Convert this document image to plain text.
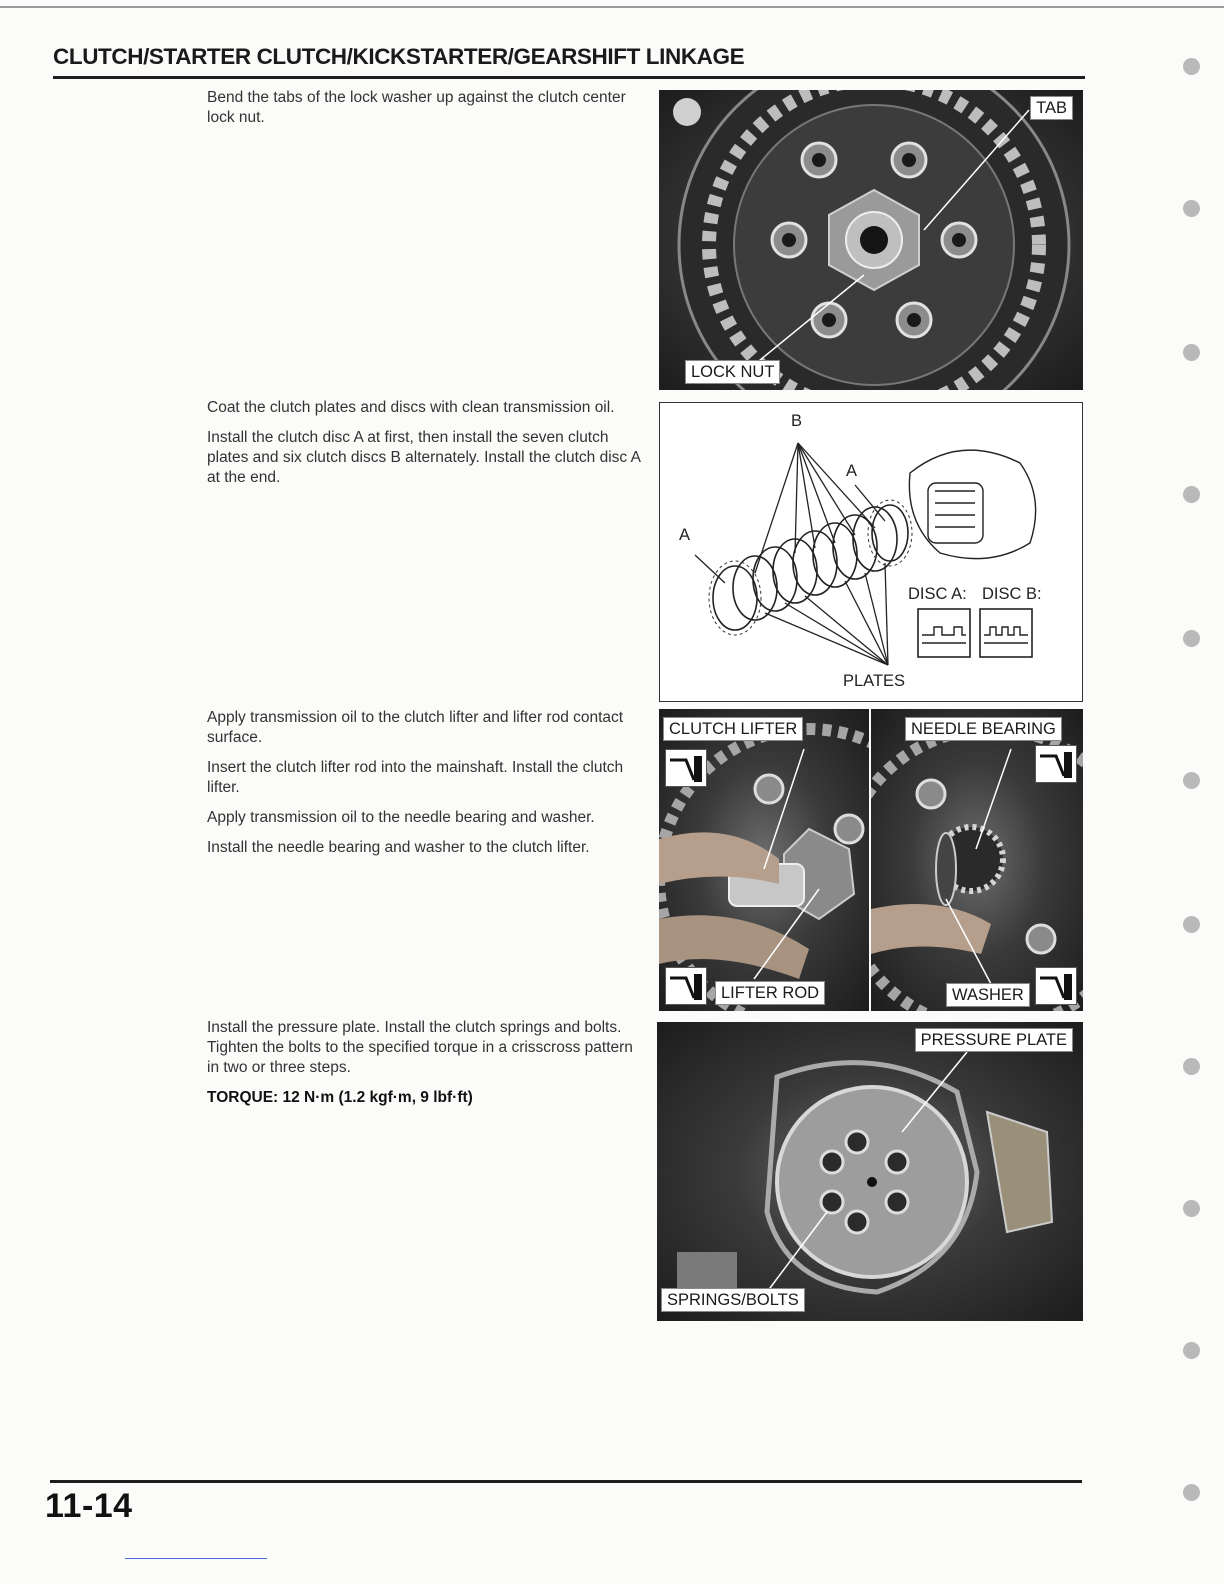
CLUTCH/STARTER CLUTCH/KICKSTARTER/GEARSHIFT LINKAGE

Bend the tabs of the lock washer up against the clutch center lock nut.

TAB
LOCK NUT

Coat the clutch plates and discs with clean transmission oil.

Install the clutch disc A at first, then install the seven clutch plates and six clutch discs B alternately. Install the clutch disc A at the end.

B
A
A
DISC A: DISC B:
PLATES

Apply transmission oil to the clutch lifter and lifter rod contact surface.

Insert the clutch lifter rod into the mainshaft. Install the clutch lifter.

Apply transmission oil to the needle bearing and washer.

Install the needle bearing and washer to the clutch lifter.

CLUTCH LIFTER
LIFTER ROD
NEEDLE BEARING
WASHER

Install the pressure plate. Install the clutch springs and bolts. Tighten the bolts to the specified torque in a crisscross pattern in two or three steps.

TORQUE: 12 N·m (1.2 kgf·m, 9 lbf·ft)

PRESSURE PLATE
SPRINGS/BOLTS
11-14
